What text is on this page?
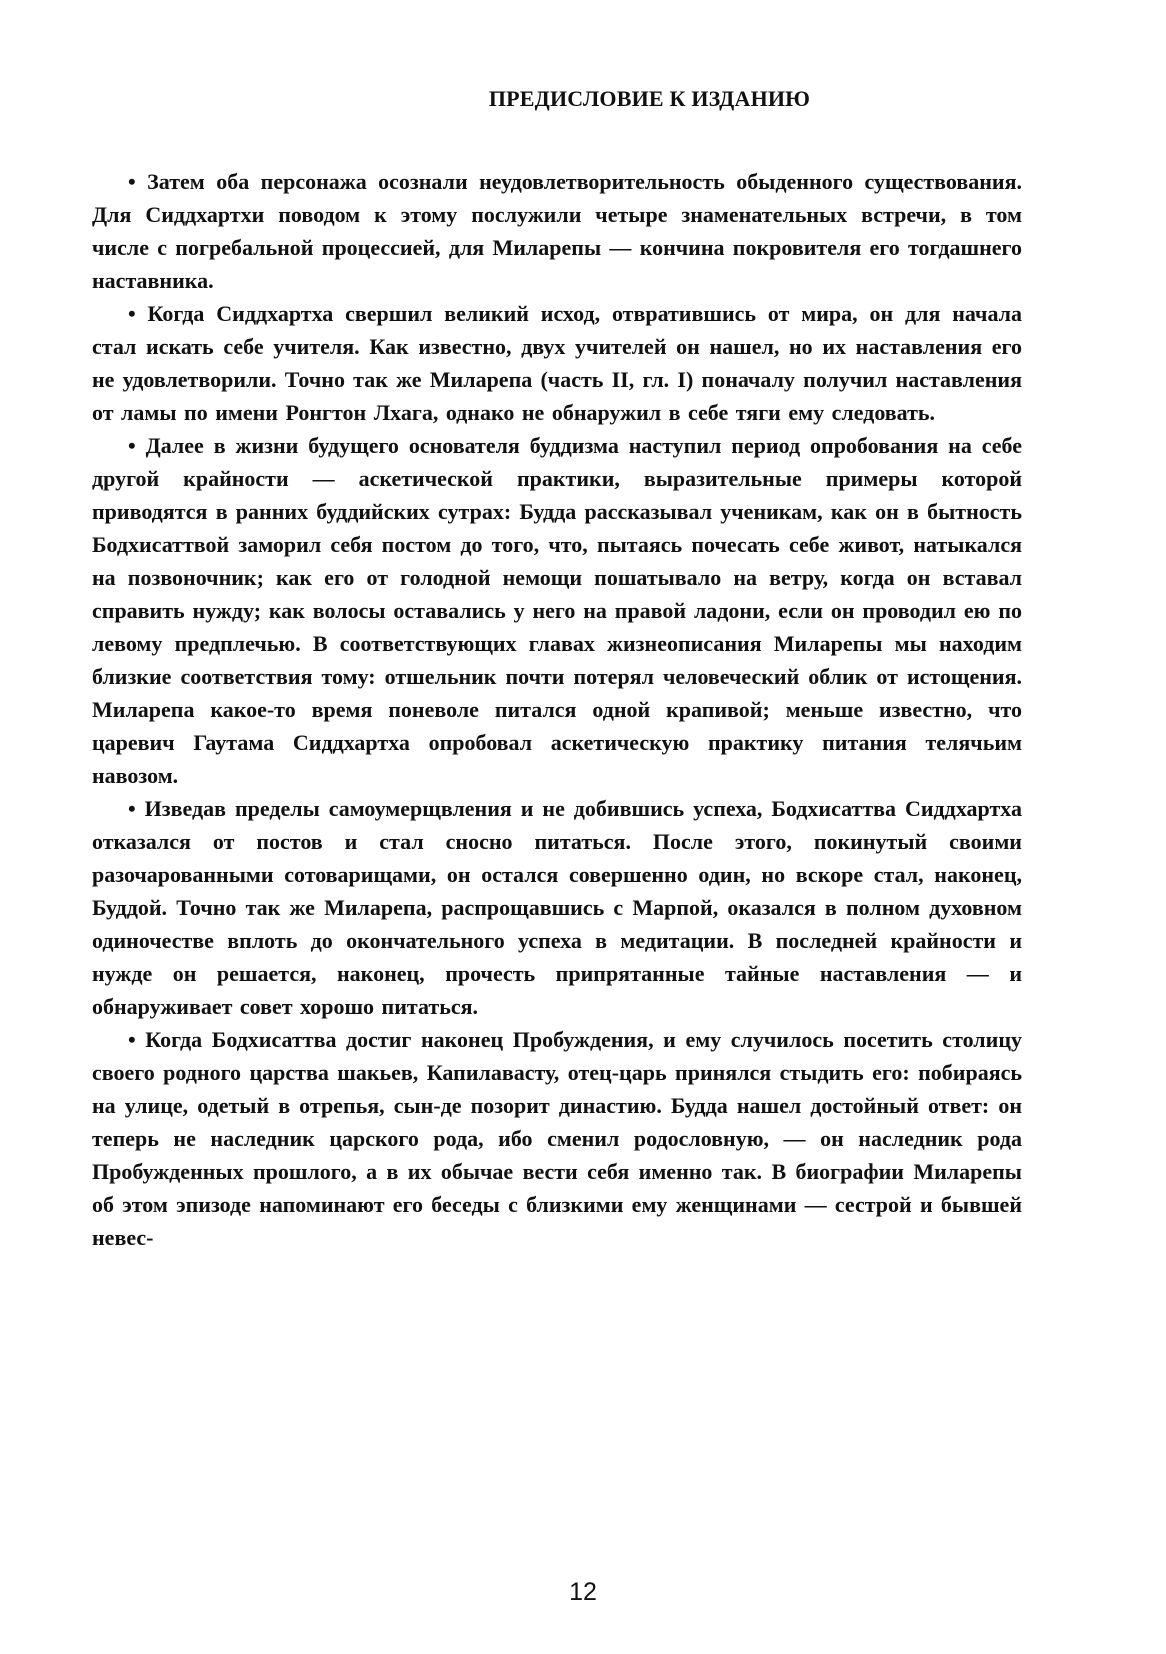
ПРЕДИСЛОВИЕ К ИЗДАНИЮ

• Затем оба персонажа осознали неудовлетворительность обыденного существования. Для Сиддхартхи поводом к этому послужили четыре знаменательных встречи, в том числе с погребальной процессией, для Миларепы — кончина покровителя его тогдашнего наставника.

• Когда Сиддхартха свершил великий исход, отвратившись от мира, он для начала стал искать себе учителя. Как известно, двух учителей он нашел, но их наставления его не удовлетворили. Точно так же Миларепа (часть II, гл. I) поначалу получил наставления от ламы по имени Ронгтон Лхага, однако не обнаружил в себе тяги ему следовать.

• Далее в жизни будущего основателя буддизма наступил период опробования на себе другой крайности — аскетической практики, выразительные примеры которой приводятся в ранних буддийских сутрах: Будда рассказывал ученикам, как он в бытность Бодхисаттвой заморил себя постом до того, что, пытаясь почесать себе живот, натыкался на позвоночник; как его от голодной немощи пошатывало на ветру, когда он вставал справить нужду; как волосы оставались у него на правой ладони, если он проводил ею по левому предплечью. В соответствующих главах жизнеописания Миларепы мы находим близкие соответствия тому: отшельник почти потерял человеческий облик от истощения. Миларепа какое-то время поневоле питался одной крапивой; меньше известно, что царевич Гаутама Сиддхартха опробовал аскетическую практику питания телячьим навозом.

• Изведав пределы самоумерщвления и не добившись успеха, Бодхисаттва Сиддхартха отказался от постов и стал сносно питаться. После этого, покинутый своими разочарованными сотоварищами, он остался совершенно один, но вскоре стал, наконец, Буддой. Точно так же Миларепа, распрощавшись с Марпой, оказался в полном духовном одиночестве вплоть до окончательного успеха в медитации. В последней крайности и нужде он решается, наконец, прочесть припрятанные тайные наставления — и обнаруживает совет хорошо питаться.

• Когда Бодхисаттва достиг наконец Пробуждения, и ему случилось посетить столицу своего родного царства шакьев, Капилавасту, отец-царь принялся стыдить его: побираясь на улице, одетый в отрепья, сын-де позорит династию. Будда нашел достойный ответ: он теперь не наследник царского рода, ибо сменил родословную, — он наследник рода Пробужденных прошлого, а в их обычае вести себя именно так. В биографии Миларепы об этом эпизоде напоминают его беседы с близкими ему женщинами — сестрой и бывшей невес-

12
